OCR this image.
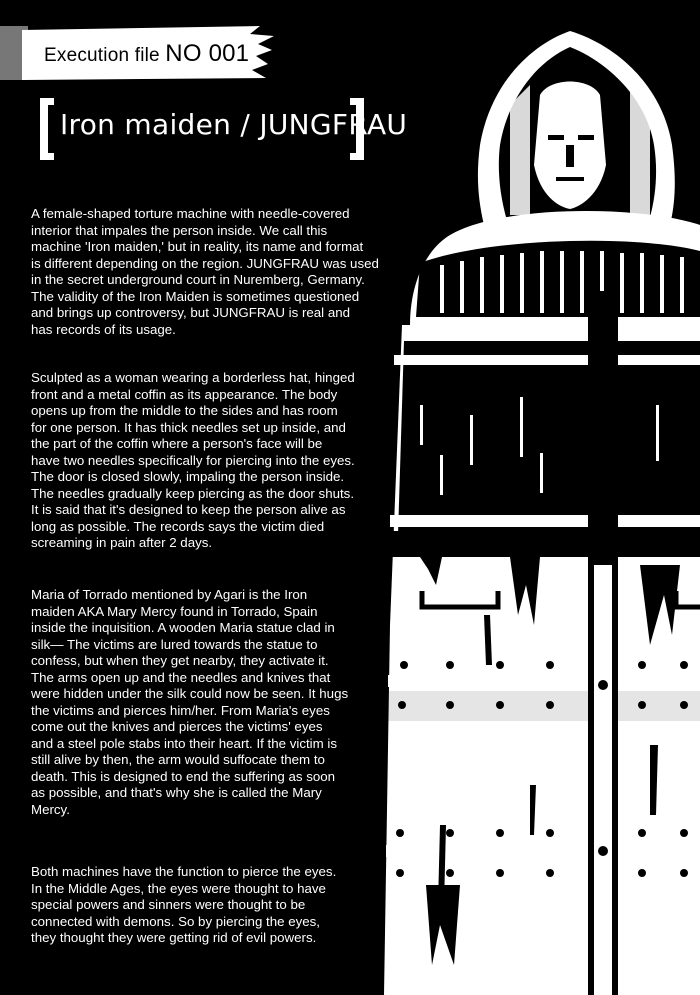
Execution file NO 001
Iron maiden / JUNGFRAU

A female-shaped torture machine with needle-covered
interior that impales the person inside. We call this
machine 'Iron maiden,' but in reality, its name and format
is different depending on the region. JUNGFRAU was used
in the secret underground court in Nuremberg, Germany.
The validity of the Iron Maiden is sometimes questioned
and brings up controversy, but JUNGFRAU is real and
has records of its usage.

Sculpted as a woman wearing a borderless hat, hinged
front and a metal coffin as its appearance. The body
opens up from the middle to the sides and has room
for one person. It has thick needles set up inside, and
the part of the coffin where a person's face will be
have two needles specifically for piercing into the eyes.
The door is closed slowly, impaling the person inside.
The needles gradually keep piercing as the door shuts.
It is said that it's designed to keep the person alive as
long as possible. The records says the victim died
screaming in pain after 2 days.

Maria of Torrado mentioned by Agari is the Iron
maiden AKA Mary Mercy found in Torrado, Spain
inside the inquisition. A wooden Maria statue clad in
silk— The victims are lured towards the statue to
confess, but when they get nearby, they activate it.
The arms open up and the needles and knives that
were hidden under the silk could now be seen. It hugs
the victims and pierces him/her. From Maria's eyes
come out the knives and pierces the victims' eyes
and a steel pole stabs into their heart. If the victim is
still alive by then, the arm would suffocate them to
death. This is designed to end the suffering as soon
as possible, and that's why she is called the Mary
Mercy.

Both machines have the function to pierce the eyes.
In the Middle Ages, the eyes were thought to have
special powers and sinners were thought to be
connected with demons. So by piercing the eyes,
they thought they were getting rid of evil powers.
